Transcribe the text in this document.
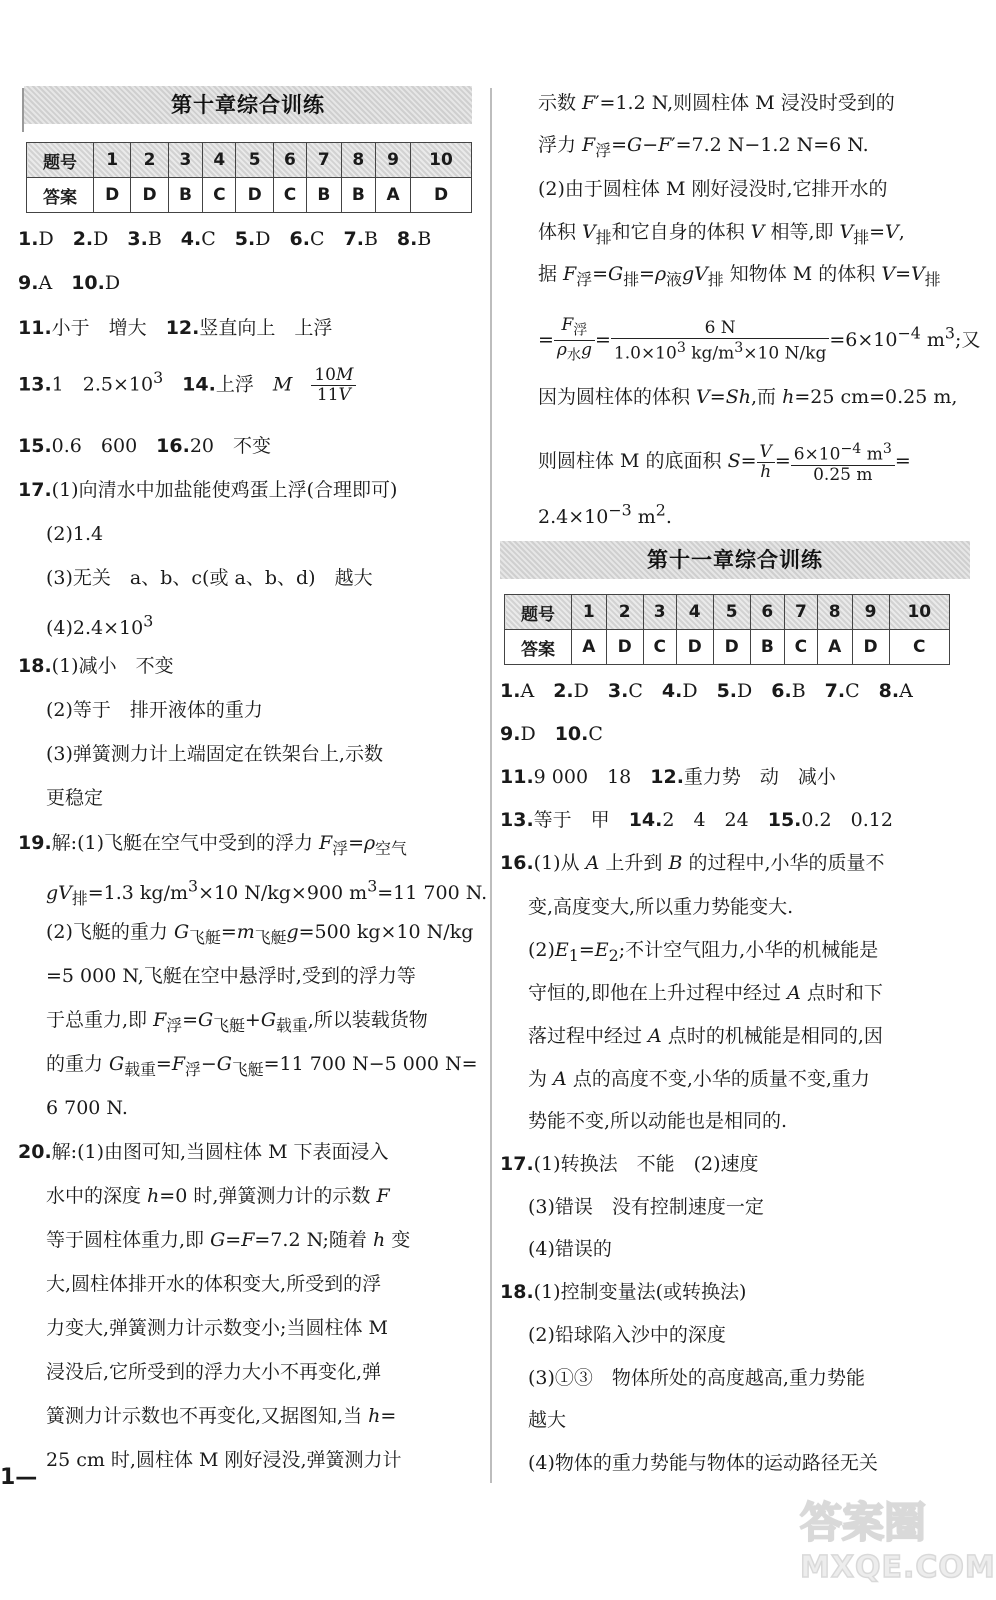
第十章综合训练
题号	1	2	3	4	5	6	7	8	9	10
答案	D	D	B	C	D	C	B	B	A	D
1.D　2.D　3.B　4.C　5.D　6.C　7.B　8.B
9.A　10.D
11.小于　增大　12.竖直向上　上浮
13.1　$2.5\times 10^3$　 14.上浮　M　 $\frac{10M}{11V}$
15.0.6　600　16.20　不变
17.(1)向清水中加盐能使鸡蛋上浮(合理即可)
(2)1.4
(3)无关　a、b、c(或 a、b、d)　越大
$(4)2.4\times 10^3$
18.(1)减小　不变
(2)等于　排开液体的重力
(3)弹簧测力计上端固定在铁架台上,示数
更稳定
19.解:(1)飞艇在空气中受到的浮力 $F_浮=\rho_{空气}$
$gV_排=1.3$ $kg/m^3\times 10$ N/kg×900 $m^3=11$ 700 N.
(2)飞艇的重力 $G_{飞艇}=m_{飞艇}g=500$ kg×10 N/kg
=5 000 N,飞艇在空中悬浮时,受到的浮力等
于总重力,即 $F_浮=G_{飞艇}+G_{载重}$,所以装载货物
的重力 $G_{载重}=F_浮-G_{飞艇}=11$ 700 N−5 000 N=
6 700 N.
20.解:(1)由图可知,当圆柱体 M 下表面浸入
水中的深度 h=0 时,弹簧测力计的示数 F
等于圆柱体重力,即 G=F=7.2 N;随着 h 变
大,圆柱体排开水的体积变大,所受到的浮
力变大,弹簧测力计示数变小;当圆柱体 M
浸没后,它所受到的浮力大小不再变化,弹
簧测力计示数也不再变化,又据图知,当 h=
25 cm 时,圆柱体 M 刚好浸没,弹簧测力计
示数 F′=1.2 N,则圆柱体 M 浸没时受到的
浮力 $F_浮=G-F'=7.2$ N−1.2 N=6 N.
(2)由于圆柱体 M 刚好浸没时,它排开水的
体积 $V_排$和它自身的体积 V 相等,即 $V_排=V$,
据 $F_浮=G_排=\rho_液gV_排$ 知物体 M 的体积 $V=V_排$
= $\frac{F_浮}{\rho_水g} = \frac{6 N}{1.0\times 10^3 kg/m^3\times 10 N/kg} =6\times 10^{-4}$ $m^3$;又
因为圆柱体的体积 V=Sh,而 h=25 cm=0.25 m,
则圆柱体 M 的底面积 $S= \frac{V}{h} = \frac{6\times 10^{-4} m^3}{0.25 m}$ =
$2.4\times 10^{-3}$ $m^2$.
第十一章综合训练
题号	1	2	3	4	5	6	7	8	9	10
答案	A	D	C	D	D	B	C	A	D	C
1.A　2.D　3.C　4.D　5.D　6.B　7.C　8.A
9.D　10.C
11.9 000　18　12.重力势　动　减小
13.等于　甲　14.2　4　24　15.0.2　0.12
16.(1)从 A 上升到 B 的过程中,小华的质量不
变,高度变大,所以重力势能变大.
$(2)E_1=E_2$;不计空气阻力,小华的机械能是
守恒的,即他在上升过程中经过 A 点时和下
落过程中经过 A 点时的机械能是相同的,因
为 A 点的高度不变,小华的质量不变,重力
势能不变,所以动能也是相同的.
17.(1)转换法　不能　(2)速度
(3)错误　没有控制速度一定
(4)错误的
18.(1)控制变量法(或转换法)
(2)铅球陷入沙中的深度
(3)①③　物体所处的高度越高,重力势能
越大
(4)物体的重力势能与物体的运动路径无关
1—
答案圈
MXQE.COM
